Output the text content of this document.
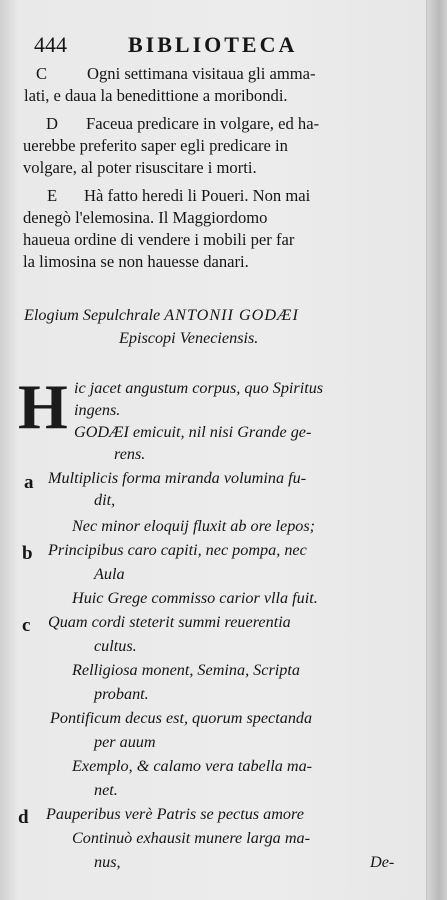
444	BIBLIOTECA
C Ogni settimana visitaua gli amma-
lati, e daua la benedittione a moribondi.
D Faceua predicare in volgare, ed ha-
uerebbe preferito saper egli predicare in
volgare, al poter risuscitare i morti.
E Hà fatto heredi li Poueri. Non mai
denegò l'elemosina. Il Maggiordomo
haueua ordine di vendere i mobili per far
la limosina se non hauesse danari.
Elogium Sepulchrale ANTONII GODÆI
Episcopi Veneciensis.
H ic jacet angustum corpus, quo Spiritus
ingens.
GODÆI emicuit, nil nisi Grande ge-
rens.
a Multiplicis forma miranda volumina fu-
dit,
Nec minor eloquij fluxit ab ore lepos;
b Principibus caro capiti, nec pompa, nec
Aula
Huic Grege commisso carior vlla fuit.
c Quam cordi steterit summi reuerentia
cultus.
Relligiosa monent, Semina, Scripta
probant.
Pontificum decus est, quorum spectanda
per auum
Exemplo, & calamo vera tabella ma-
net.
d Pauperibus verè Patris se pectus amore
Continuò exhausit munere larga ma-
nus,	De-
